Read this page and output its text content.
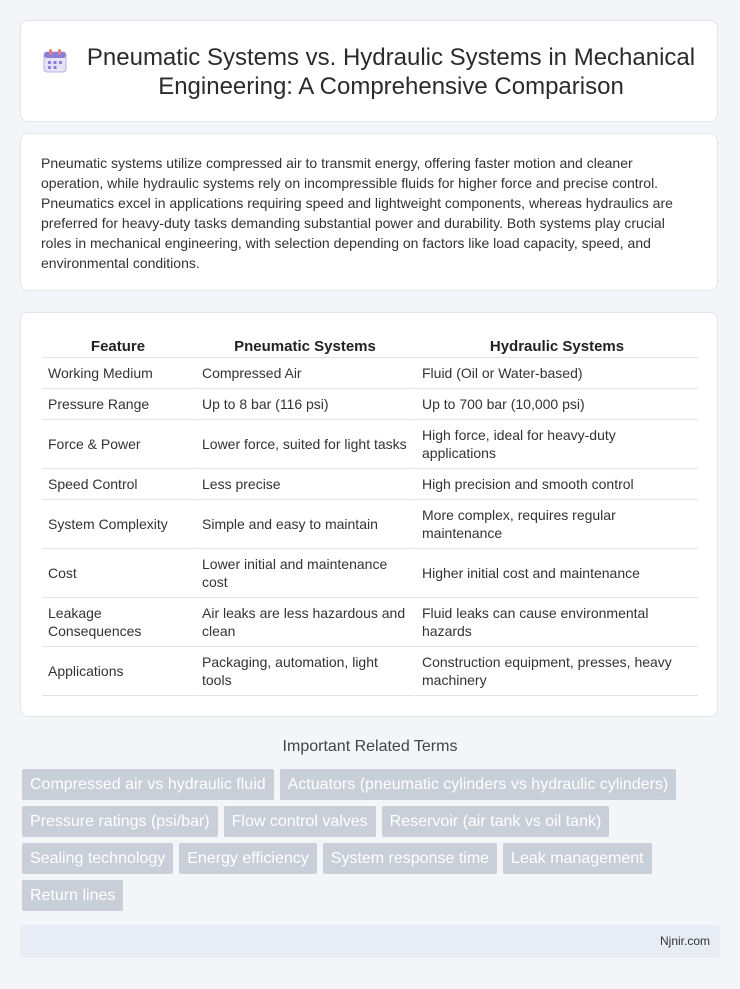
Pneumatic Systems vs. Hydraulic Systems in Mechanical Engineering: A Comprehensive Comparison

Pneumatic systems utilize compressed air to transmit energy, offering faster motion and cleaner operation, while hydraulic systems rely on incompressible fluids for higher force and precise control. Pneumatics excel in applications requiring speed and lightweight components, whereas hydraulics are preferred for heavy-duty tasks demanding substantial power and durability. Both systems play crucial roles in mechanical engineering, with selection depending on factors like load capacity, speed, and environmental conditions.

Feature	Pneumatic Systems	Hydraulic Systems
Working Medium	Compressed Air	Fluid (Oil or Water-based)
Pressure Range	Up to 8 bar (116 psi)	Up to 700 bar (10,000 psi)
Force & Power	Lower force, suited for light tasks	High force, ideal for heavy-duty applications
Speed Control	Less precise	High precision and smooth control
System Complexity	Simple and easy to maintain	More complex, requires regular maintenance
Cost	Lower initial and maintenance cost	Higher initial cost and maintenance
Leakage Consequences	Air leaks are less hazardous and clean	Fluid leaks can cause environmental hazards
Applications	Packaging, automation, light tools	Construction equipment, presses, heavy machinery
Important Related Terms
Compressed air vs hydraulic fluid	Actuators (pneumatic cylinders vs hydraulic cylinders)
Pressure ratings (psi/bar)	Flow control valves	Reservoir (air tank vs oil tank)
Sealing technology	Energy efficiency	System response time	Leak management
Return lines
Njnir.com
